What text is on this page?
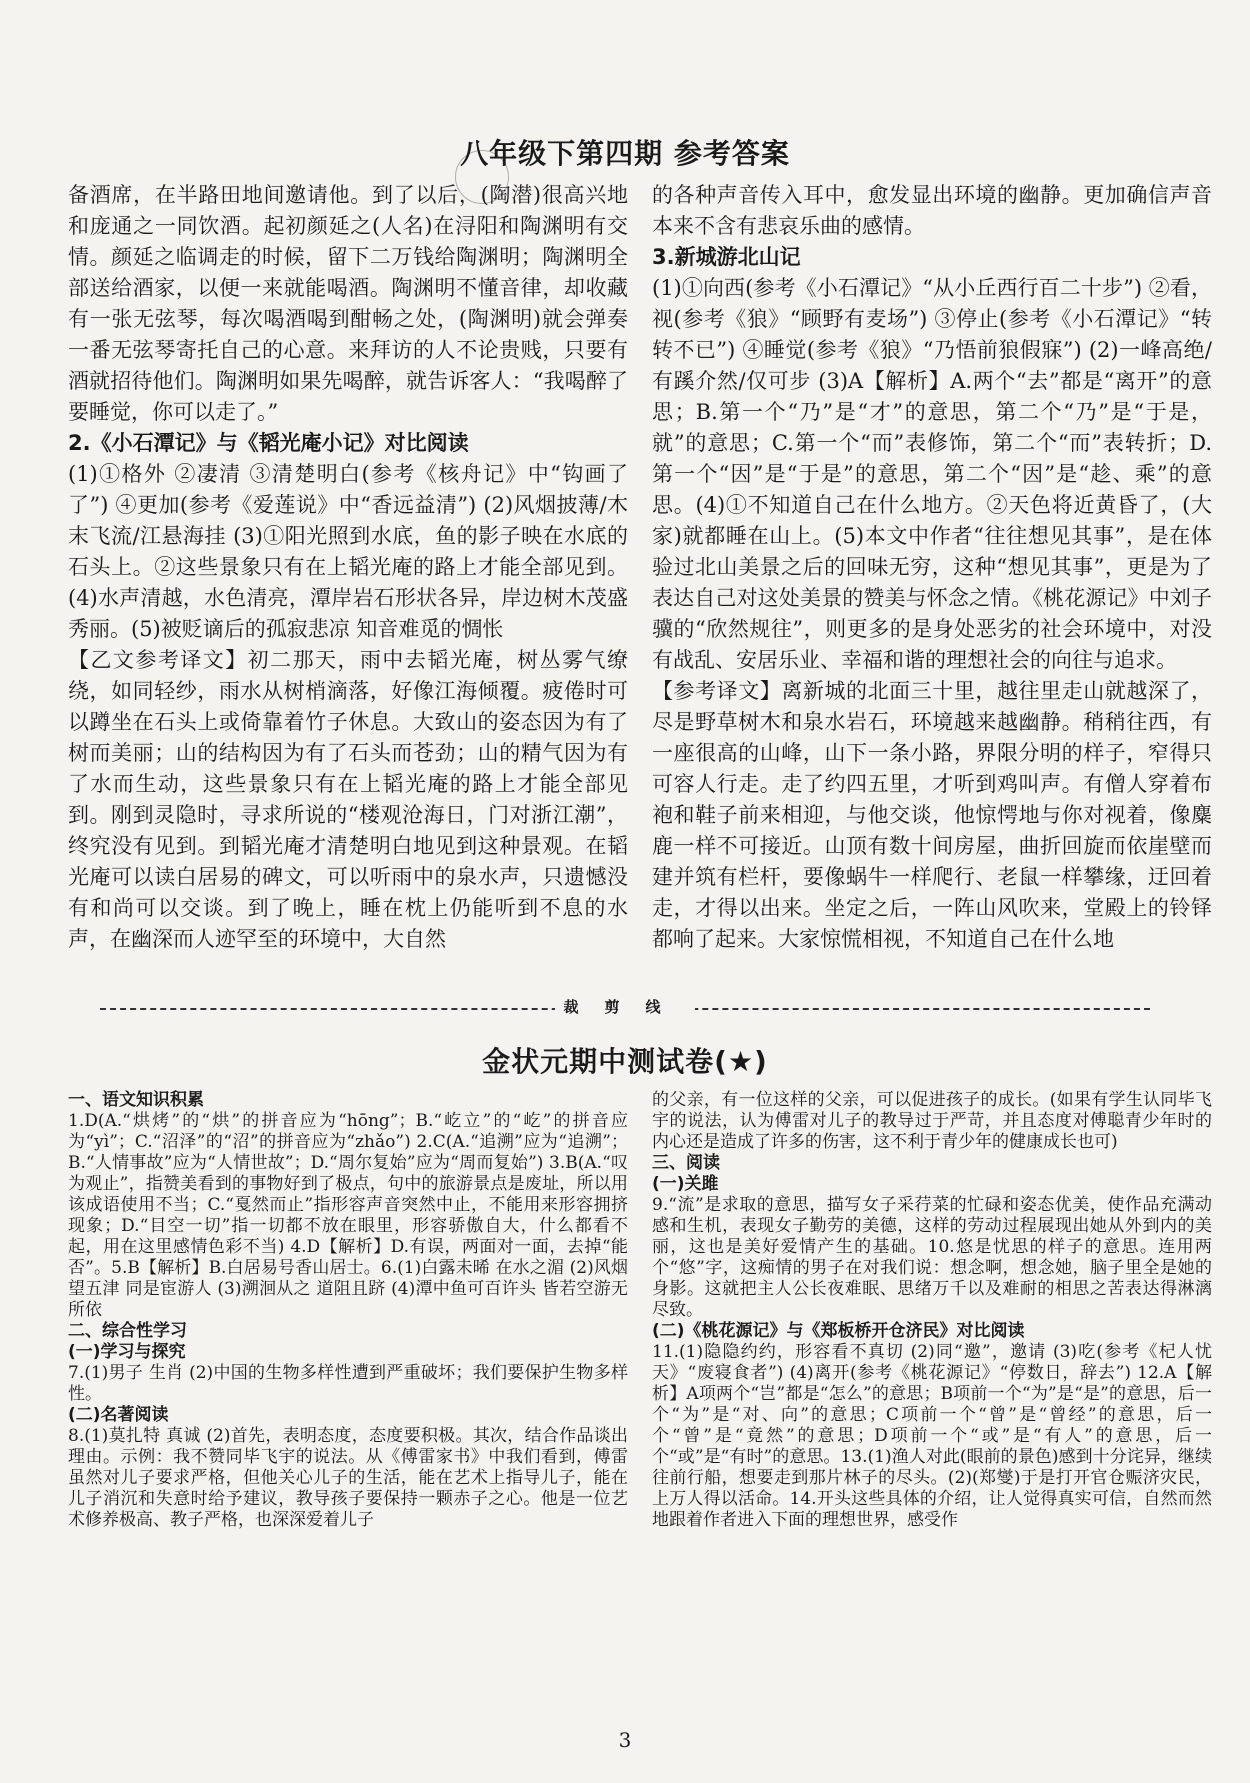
八年级下第四期 参考答案

备酒席，在半路田地间邀请他。到了以后，(陶潜)很高兴地和庞通之一同饮酒。起初颜延之(人名)在浔阳和陶渊明有交情。颜延之临调走的时候，留下二万钱给陶渊明；陶渊明全部送给酒家，以便一来就能喝酒。陶渊明不懂音律，却收藏有一张无弦琴，每次喝酒喝到酣畅之处，(陶渊明)就会弹奏一番无弦琴寄托自己的心意。来拜访的人不论贵贱，只要有酒就招待他们。陶渊明如果先喝醉，就告诉客人：“我喝醉了要睡觉，你可以走了。”

2.《小石潭记》与《韬光庵小记》对比阅读

(1)①格外 ②凄清 ③清楚明白(参考《核舟记》中“钩画了了”) ④更加(参考《爱莲说》中“香远益清”) (2)风烟披薄/木末飞流/江悬海挂 (3)①阳光照到水底，鱼的影子映在水底的石头上。②这些景象只有在上韬光庵的路上才能全部见到。(4)水声清越，水色清亮，潭岸岩石形状各异，岸边树木茂盛秀丽。(5)被贬谪后的孤寂悲凉 知音难觅的惆怅

【乙文参考译文】初二那天，雨中去韬光庵，树丛雾气缭绕，如同轻纱，雨水从树梢滴落，好像江海倾覆。疲倦时可以蹲坐在石头上或倚靠着竹子休息。大致山的姿态因为有了树而美丽；山的结构因为有了石头而苍劲；山的精气因为有了水而生动，这些景象只有在上韬光庵的路上才能全部见到。刚到灵隐时，寻求所说的“楼观沧海日，门对浙江潮”，终究没有见到。到韬光庵才清楚明白地见到这种景观。在韬光庵可以读白居易的碑文，可以听雨中的泉水声，只遗憾没有和尚可以交谈。到了晚上，睡在枕上仍能听到不息的水声，在幽深而人迹罕至的环境中，大自然

的各种声音传入耳中，愈发显出环境的幽静。更加确信声音本来不含有悲哀乐曲的感情。

3.新城游北山记

(1)①向西(参考《小石潭记》“从小丘西行百二十步”) ②看，视(参考《狼》“顾野有麦场”) ③停止(参考《小石潭记》“转转不已”) ④睡觉(参考《狼》“乃悟前狼假寐”) (2)一峰高绝/有蹊介然/仅可步 (3)A【解析】A.两个“去”都是“离开”的意思；B.第一个“乃”是“才”的意思，第二个“乃”是“于是，就”的意思；C.第一个“而”表修饰，第二个“而”表转折；D.第一个“因”是“于是”的意思，第二个“因”是“趁、乘”的意思。(4)①不知道自己在什么地方。②天色将近黄昏了，(大家)就都睡在山上。(5)本文中作者“往往想见其事”，是在体验过北山美景之后的回味无穷，这种“想见其事”，更是为了表达自己对这处美景的赞美与怀念之情。《桃花源记》中刘子骥的“欣然规往”，则更多的是身处恶劣的社会环境中，对没有战乱、安居乐业、幸福和谐的理想社会的向往与追求。

【参考译文】离新城的北面三十里，越往里走山就越深了，尽是野草树木和泉水岩石，环境越来越幽静。稍稍往西，有一座很高的山峰，山下一条小路，界限分明的样子，窄得只可容人行走。走了约四五里，才听到鸡叫声。有僧人穿着布袍和鞋子前来相迎，与他交谈，他惊愕地与你对视着，像麋鹿一样不可接近。山顶有数十间房屋，曲折回旋而依崖壁而建并筑有栏杆，要像蜗牛一样爬行、老鼠一样攀缘，迂回着走，才得以出来。坐定之后，一阵山风吹来，堂殿上的铃铎都响了起来。大家惊慌相视，不知道自己在什么地

裁剪线
金状元期中测试卷(★)

一、语文知识积累

1.D(A.“烘烤”的“烘”的拼音应为“hōng”；B.“屹立”的“屹”的拼音应为“yì”；C.“沼泽”的“沼”的拼音应为“zhǎo”) 2.C(A.“追溯”应为“追溯”；B.“人情事故”应为“人情世故”；D.“周尔复始”应为“周而复始”) 3.B(A.“叹为观止”，指赞美看到的事物好到了极点，句中的旅游景点是废址，所以用该成语使用不当；C.“戛然而止”指形容声音突然中止，不能用来形容拥挤现象；D.“目空一切”指一切都不放在眼里，形容骄傲自大，什么都看不起，用在这里感情色彩不当) 4.D【解析】D.有误，两面对一面，去掉“能否”。5.B【解析】B.白居易号香山居士。6.(1)白露未晞 在水之湄 (2)风烟望五津 同是宦游人 (3)溯洄从之 道阻且跻 (4)潭中鱼可百许头 皆若空游无所依

二、综合性学习

(一)学习与探究

7.(1)男子 生肖 (2)中国的生物多样性遭到严重破坏；我们要保护生物多样性。

(二)名著阅读

8.(1)莫扎特 真诚 (2)首先，表明态度，态度要积极。其次，结合作品谈出理由。示例：我不赞同毕飞宇的说法。从《傅雷家书》中我们看到，傅雷虽然对儿子要求严格，但他关心儿子的生活，能在艺术上指导儿子，能在儿子消沉和失意时给予建议，教导孩子要保持一颗赤子之心。他是一位艺术修养极高、教子严格，也深深爱着儿子

的父亲，有一位这样的父亲，可以促进孩子的成长。(如果有学生认同毕飞宇的说法，认为傅雷对儿子的教导过于严苛，并且态度对傅聪青少年时的内心还是造成了许多的伤害，这不利于青少年的健康成长也可)

三、阅读

(一)关雎

9.“流”是求取的意思，描写女子采荇菜的忙碌和姿态优美，使作品充满动感和生机，表现女子勤劳的美德，这样的劳动过程展现出她从外到内的美丽，这也是美好爱情产生的基础。10.悠是忧思的样子的意思。连用两个“悠”字，这痴情的男子在对我们说：想念啊，想念她，脑子里全是她的身影。这就把主人公长夜难眠、思绪万千以及难耐的相思之苦表达得淋漓尽致。

(二)《桃花源记》与《郑板桥开仓济民》对比阅读

11.(1)隐隐约约，形容看不真切 (2)同“邀”，邀请 (3)吃(参考《杞人忧天》“废寝食者”) (4)离开(参考《桃花源记》“停数日，辞去”) 12.A【解析】A项两个“岂”都是“怎么”的意思；B项前一个“为”是“是”的意思，后一个“为”是“对、向”的意思；C项前一个“曾”是“曾经”的意思，后一个“曾”是“竟然”的意思；D项前一个“或”是“有人”的意思，后一个“或”是“有时”的意思。13.(1)渔人对此(眼前的景色)感到十分诧异，继续往前行船，想要走到那片林子的尽头。(2)(郑燮)于是打开官仓赈济灾民，上万人得以活命。14.开头这些具体的介绍，让人觉得真实可信，自然而然地跟着作者进入下面的理想世界，感受作

3
